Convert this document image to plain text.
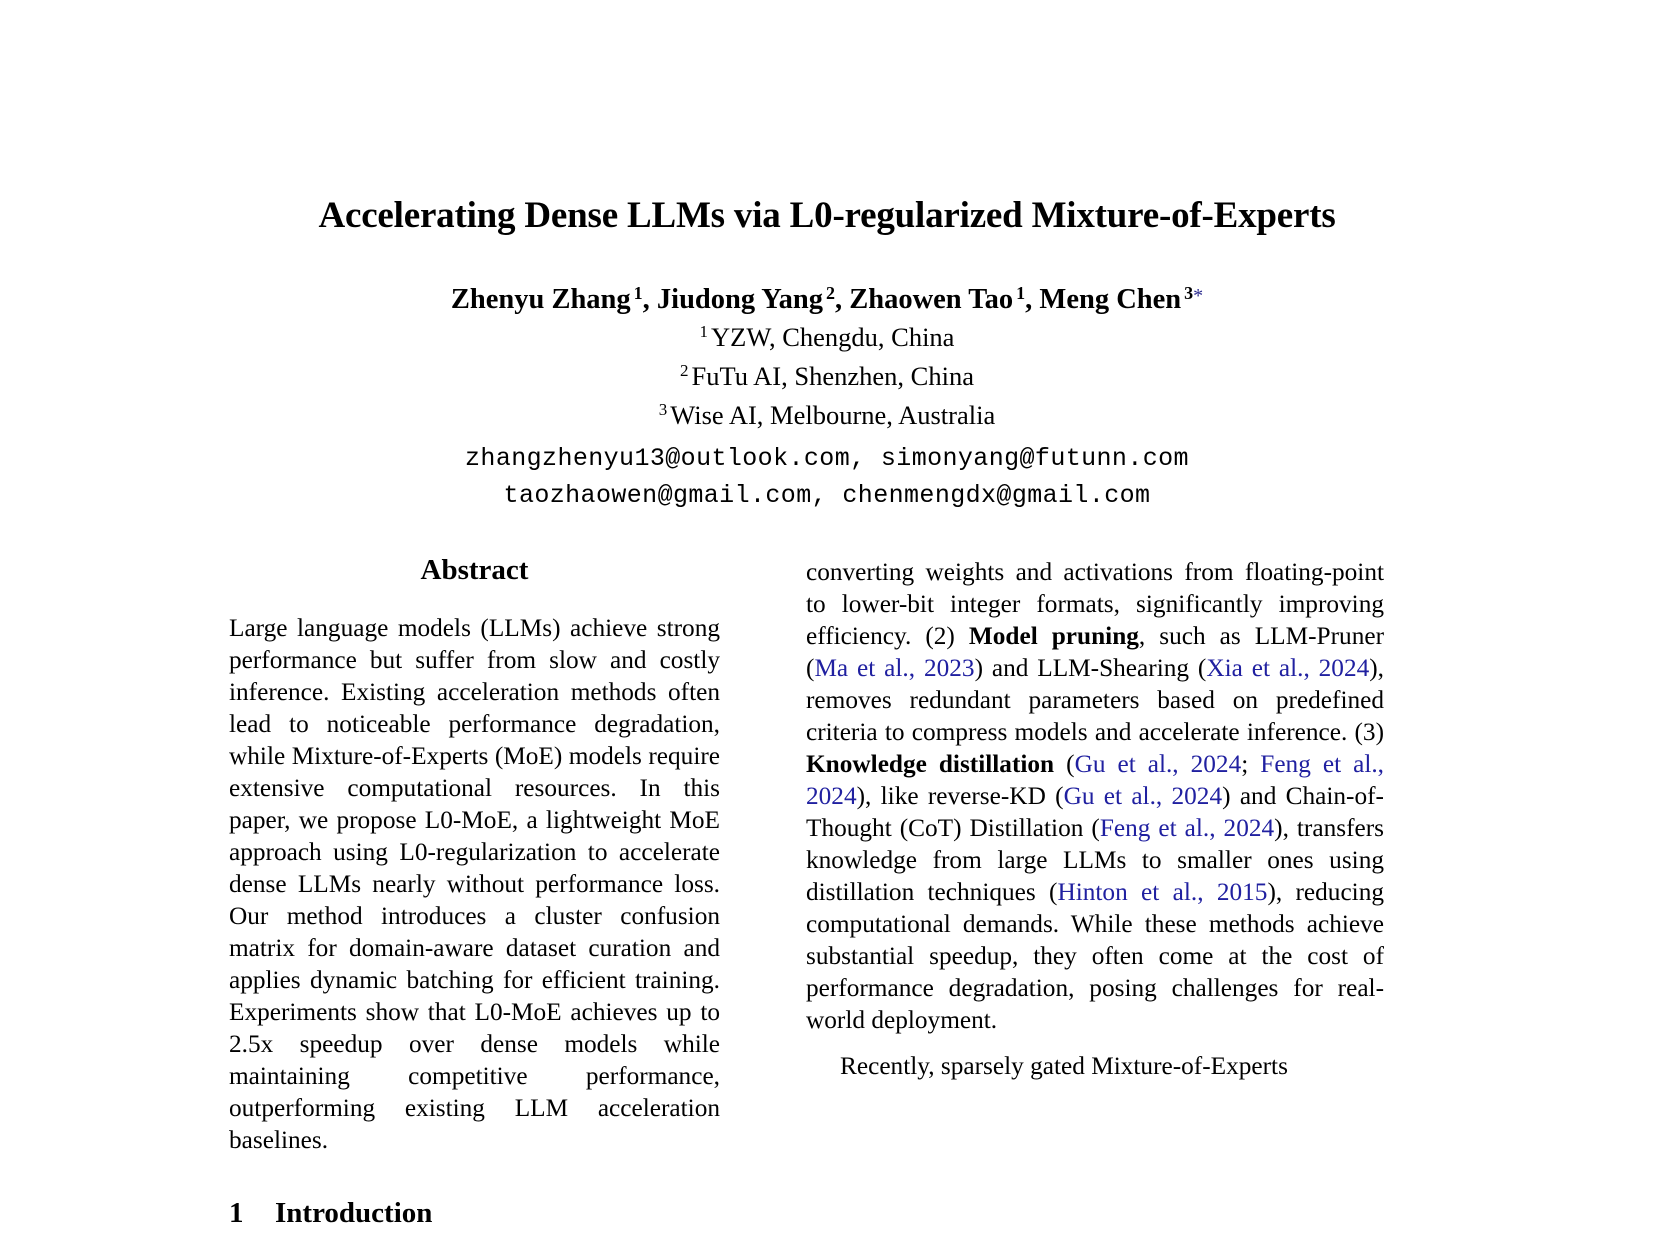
Accelerating Dense LLMs via L0-regularized Mixture-of-Experts
Zhenyu Zhang $^1$, Jiudong Yang $^2$, Zhaowen Tao $^1$, Meng Chen $^{3*}$
$^1$ YZW, Chengdu, China
$^2$ FuTu AI, Shenzhen, China
$^3$ Wise AI, Melbourne, Australia
zhangzhenyu13@outlook.com, simonyang@futunn.com
taozhaowen@gmail.com, chenmengdx@gmail.com
Abstract

Large language models (LLMs) achieve strong performance but suffer from slow and costly inference. Existing acceleration methods often lead to noticeable performance degradation, while Mixture-of-Experts (MoE) models require extensive computational resources. In this paper, we propose L0-MoE, a lightweight MoE approach using L0-regularization to accelerate dense LLMs nearly without performance loss. Our method introduces a cluster confusion matrix for domain-aware dataset curation and applies dynamic batching for efficient training. Experiments show that L0-MoE achieves up to 2.5x speedup over dense models while maintaining competitive performance, outperforming existing LLM acceleration baselines.

1 Introduction

converting weights and activations from floating-point to lower-bit integer formats, significantly improving efficiency. (2) Model pruning, such as LLM-Pruner (Ma et al., 2023) and LLM-Shearing (Xia et al., 2024), removes redundant parameters based on predefined criteria to compress models and accelerate inference. (3) Knowledge distillation (Gu et al., 2024; Feng et al., 2024), like reverse-KD (Gu et al., 2024) and Chain-of-Thought (CoT) Distillation (Feng et al., 2024), transfers knowledge from large LLMs to smaller ones using distillation techniques (Hinton et al., 2015), reducing computational demands. While these methods achieve substantial speedup, they often come at the cost of performance degradation, posing challenges for real-world deployment.

Recently, sparsely gated Mixture-of-Experts
